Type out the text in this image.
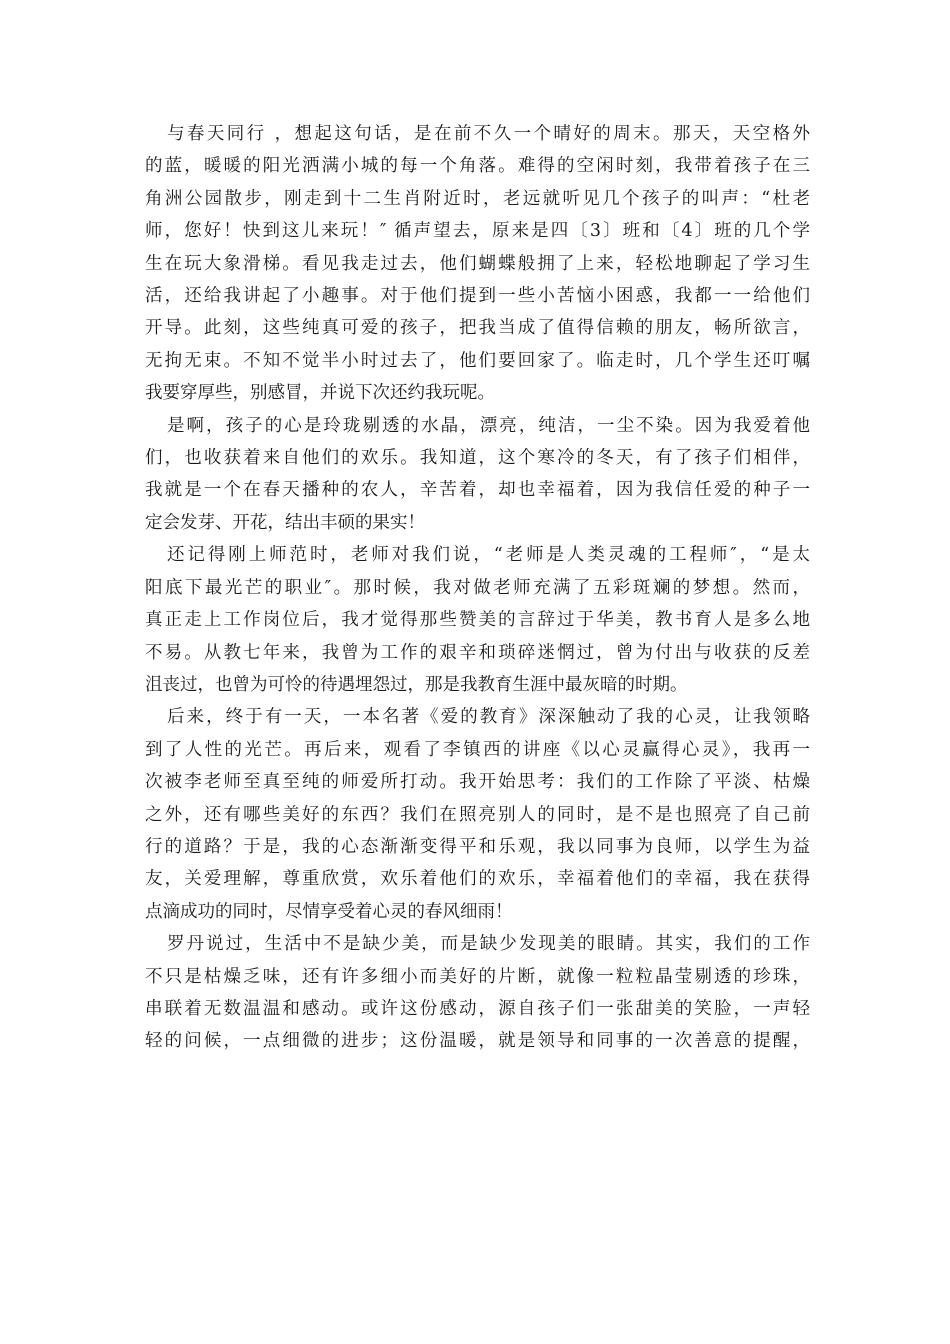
与春天同行 ，想起这句话，是在前不久一个晴好的周末。那天，天空格外
的蓝，暖暖的阳光洒满小城的每一个角落。难得的空闲时刻，我带着孩子在三
角洲公园散步，刚走到十二生肖附近时，老远就听见几个孩子的叫声：“杜老
师，您好！快到这儿来玩！″ 循声望去，原来是四〔3〕班和〔4〕班的几个学
生在玩大象滑梯。看见我走过去，他们蝴蝶般拥了上来，轻松地聊起了学习生
活，还给我讲起了小趣事。对于他们提到一些小苦恼小困惑，我都一一给他们
开导。此刻，这些纯真可爱的孩子，把我当成了值得信赖的朋友，畅所欲言，
无拘无束。不知不觉半小时过去了，他们要回家了。临走时，几个学生还叮嘱
我要穿厚些，别感冒，并说下次还约我玩呢。

是啊，孩子的心是玲珑剔透的水晶，漂亮，纯洁，一尘不染。因为我爱着他
们，也收获着来自他们的欢乐。我知道，这个寒冷的冬天，有了孩子们相伴，
我就是一个在春天播种的农人，辛苦着，却也幸福着，因为我信任爱的种子一
定会发芽、开花，结出丰硕的果实！

还记得刚上师范时，老师对我们说，“老师是人类灵魂的工程师″，“是太
阳底下最光芒的职业″。那时候，我对做老师充满了五彩斑斓的梦想。然而，
真正走上工作岗位后，我才觉得那些赞美的言辞过于华美，教书育人是多么地
不易。从教七年来，我曾为工作的艰辛和琐碎迷惘过，曾为付出与收获的反差
沮丧过，也曾为可怜的待遇埋怨过，那是我教育生涯中最灰暗的时期。

后来，终于有一天，一本名著《爱的教育》深深触动了我的心灵，让我领略
到了人性的光芒。再后来，观看了李镇西的讲座《以心灵赢得心灵》，我再一
次被李老师至真至纯的师爱所打动。我开始思考：我们的工作除了平淡、枯燥
之外，还有哪些美好的东西？我们在照亮别人的同时，是不是也照亮了自己前
行的道路？于是，我的心态渐渐变得平和乐观，我以同事为良师，以学生为益
友，关爱理解，尊重欣赏，欢乐着他们的欢乐，幸福着他们的幸福，我在获得
点滴成功的同时，尽情享受着心灵的春风细雨！

罗丹说过，生活中不是缺少美，而是缺少发现美的眼睛。其实，我们的工作
不只是枯燥乏味，还有许多细小而美好的片断，就像一粒粒晶莹剔透的珍珠，
串联着无数温温和感动。或许这份感动，源自孩子们一张甜美的笑脸，一声轻
轻的问候，一点细微的进步；这份温暖，就是领导和同事的一次善意的提醒，
